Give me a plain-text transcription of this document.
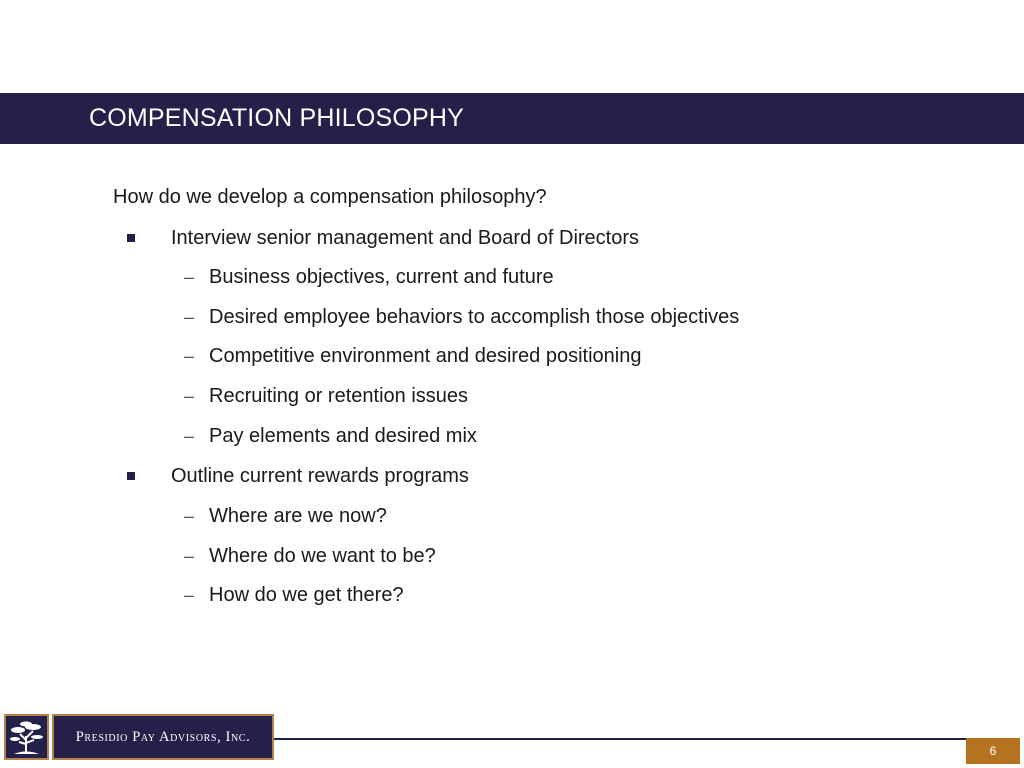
COMPENSATION PHILOSOPHY
How do we develop a compensation philosophy?
Interview senior management and Board of Directors
– Business objectives, current and future
– Desired employee behaviors to accomplish those objectives
– Competitive environment and desired positioning
– Recruiting or retention issues
– Pay elements and desired mix
Outline current rewards programs
– Where are we now?
– Where do we want to be?
– How do we get there?
Presidio Pay Advisors, Inc.
6
